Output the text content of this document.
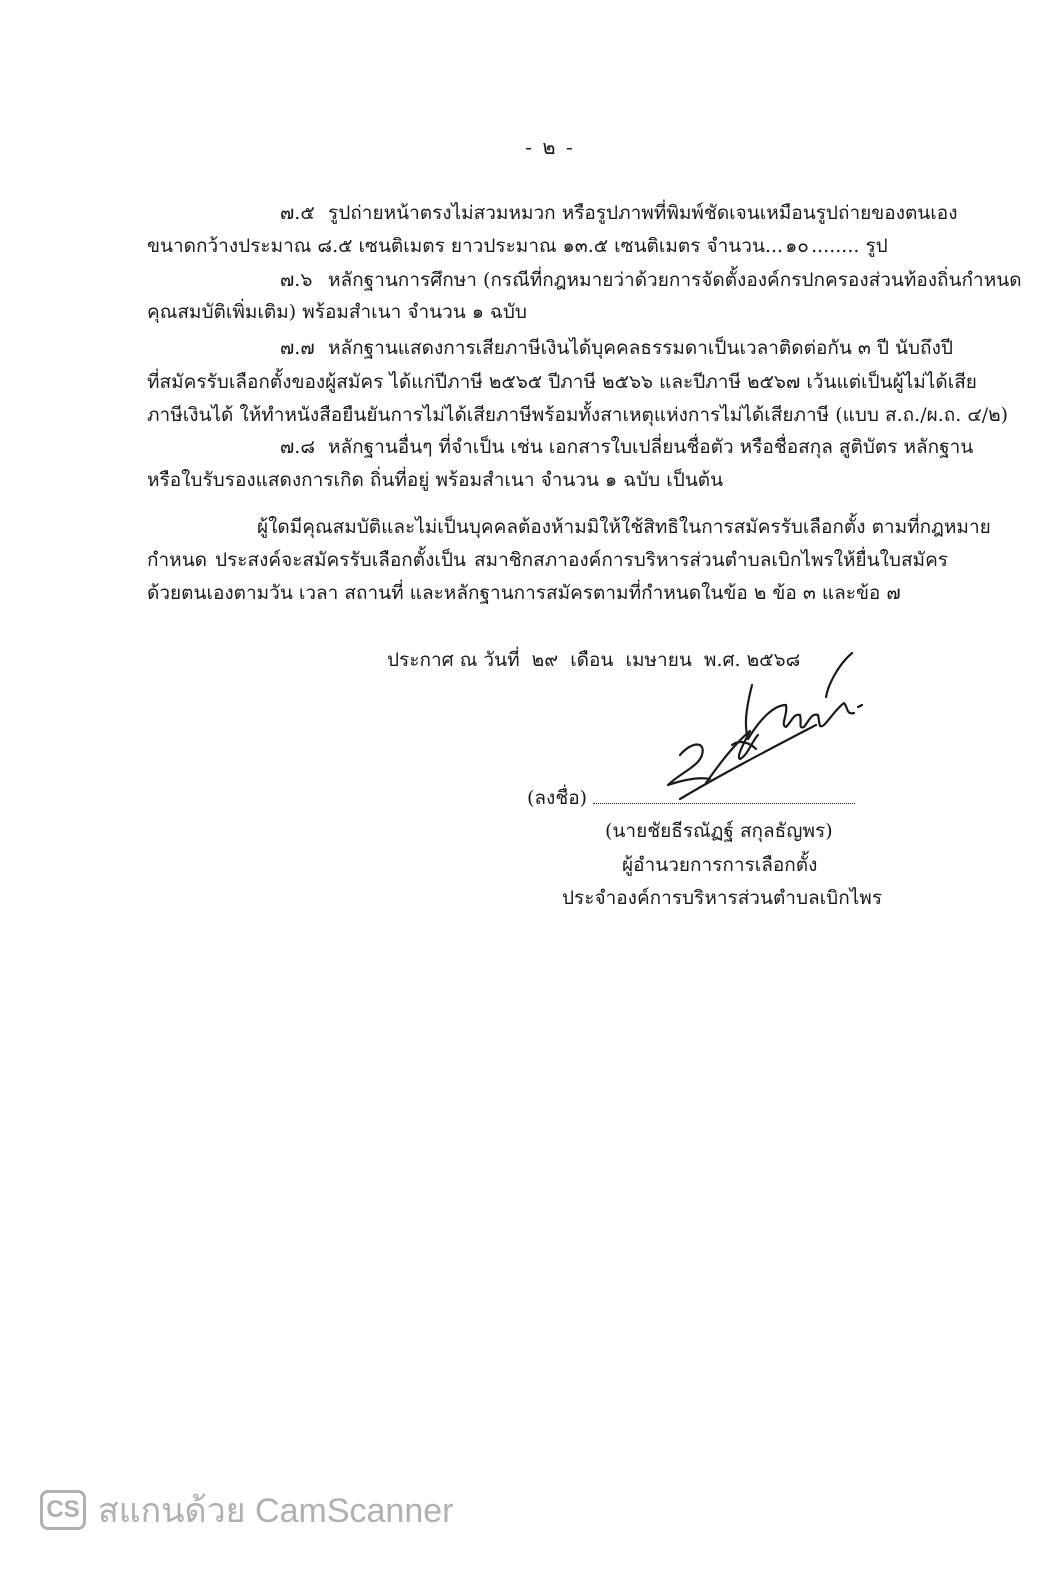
- ๒ -
๗.๕ รูปถ่ายหน้าตรงไม่สวมหมวก หรือรูปภาพที่พิมพ์ชัดเจนเหมือนรูปถ่ายของตนเอง
ขนาดกว้างประมาณ ๘.๕ เซนติเมตร ยาวประมาณ ๑๓.๕ เซนติเมตร จำนวน... ๑๐ ........ รูป
๗.๖ หลักฐานการศึกษา (กรณีที่กฎหมายว่าด้วยการจัดตั้งองค์กรปกครองส่วนท้องถิ่นกำหนด
คุณสมบัติเพิ่มเติม) พร้อมสำเนา จำนวน ๑ ฉบับ
๗.๗ หลักฐานแสดงการเสียภาษีเงินได้บุคคลธรรมดาเป็นเวลาติดต่อกัน ๓ ปี นับถึงปี
ที่สมัครรับเลือกตั้งของผู้สมัคร ได้แก่ปีภาษี ๒๕๖๕ ปีภาษี ๒๕๖๖ และปีภาษี ๒๕๖๗ เว้นแต่เป็นผู้ไม่ได้เสีย
ภาษีเงินได้ ให้ทำหนังสือยืนยันการไม่ได้เสียภาษีพร้อมทั้งสาเหตุแห่งการไม่ได้เสียภาษี (แบบ ส.ถ./ผ.ถ. ๔/๒)
๗.๘ หลักฐานอื่นๆ ที่จำเป็น เช่น เอกสารใบเปลี่ยนชื่อตัว หรือชื่อสกุล สูติบัตร หลักฐาน
หรือใบรับรองแสดงการเกิด ถิ่นที่อยู่ พร้อมสำเนา จำนวน ๑ ฉบับ เป็นต้น
ผู้ใดมีคุณสมบัติและไม่เป็นบุคคลต้องห้ามมิให้ใช้สิทธิในการสมัครรับเลือกตั้ง ตามที่กฎหมาย
กำหนด ประสงค์จะสมัครรับเลือกตั้งเป็น สมาชิกสภาองค์การบริหารส่วนตำบลเบิกไพรให้ยื่นใบสมัคร
ด้วยตนเองตามวัน เวลา สถานที่ และหลักฐานการสมัครตามที่กำหนดในข้อ ๒ ข้อ ๓ และข้อ ๗
ประกาศ ณ วันที่  ๒๙  เดือน  เมษายน  พ.ศ. ๒๕๖๘
(ลงชื่อ)
(นายชัยธีรณัฏฐ์ สกุลธัญพร)
ผู้อำนวยการการเลือกตั้ง
ประจำองค์การบริหารส่วนตำบลเบิกไพร
CS สแกนด้วย CamScanner
